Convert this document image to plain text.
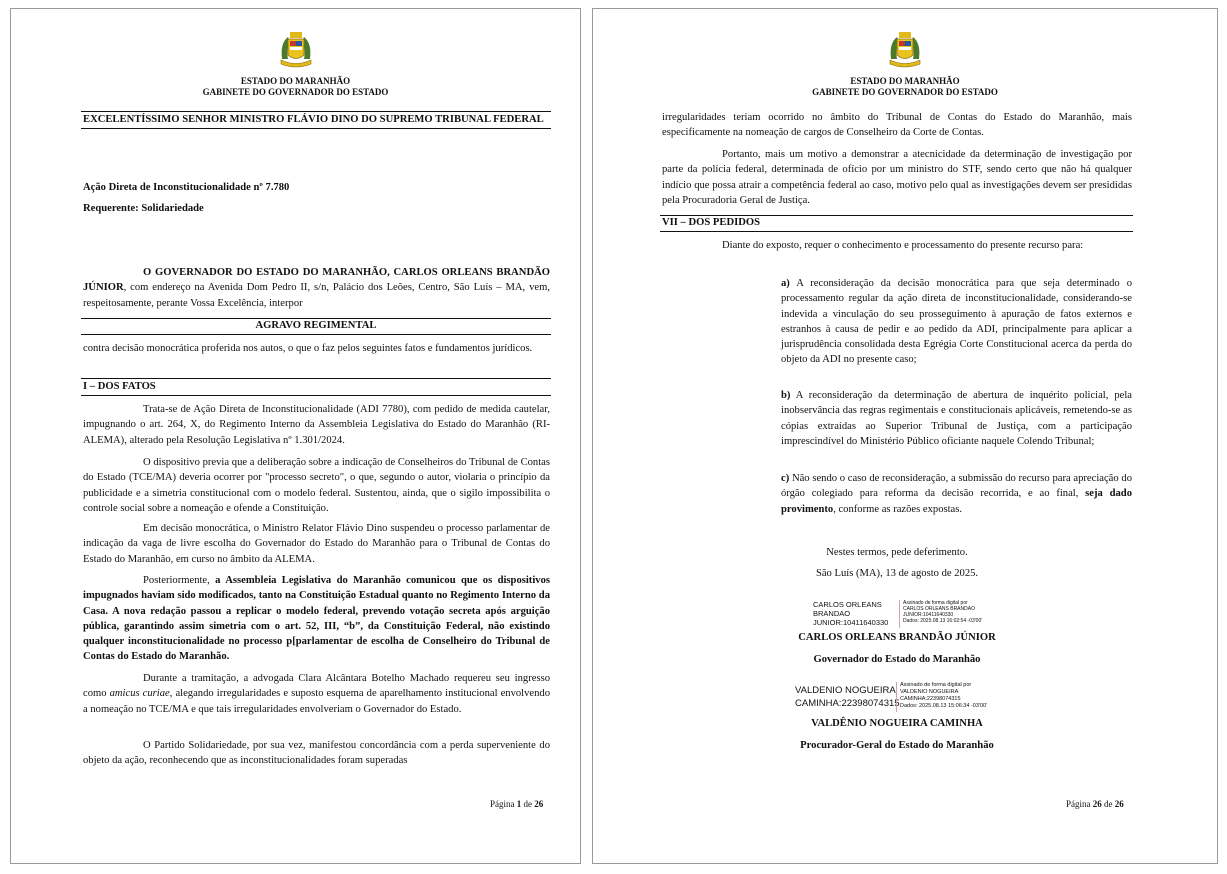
ESTADO DO MARANHÃO
GABINETE DO GOVERNADOR DO ESTADO
EXCELENTÍSSIMO SENHOR MINISTRO FLÁVIO DINO DO SUPREMO TRIBUNAL FEDERAL
Ação Direta de Inconstitucionalidade nº 7.780
Requerente: Solidariedade
O GOVERNADOR DO ESTADO DO MARANHÃO, CARLOS ORLEANS BRANDÃO JÚNIOR, com endereço na Avenida Dom Pedro II, s/n, Palácio dos Leões, Centro, São Luís – MA, vem, respeitosamente, perante Vossa Excelência, interpor
AGRAVO REGIMENTAL
contra decisão monocrática proferida nos autos, o que o faz pelos seguintes fatos e fundamentos jurídicos.
I – DOS FATOS
Trata-se de Ação Direta de Inconstitucionalidade (ADI 7780), com pedido de medida cautelar, impugnando o art. 264, X, do Regimento Interno da Assembleia Legislativa do Estado do Maranhão (RI-ALEMA), alterado pela Resolução Legislativa nº 1.301/2024.
O dispositivo previa que a deliberação sobre a indicação de Conselheiros do Tribunal de Contas do Estado (TCE/MA) deveria ocorrer por "processo secreto", o que, segundo o autor, violaria o princípio da publicidade e a simetria constitucional com o modelo federal. Sustentou, ainda, que o sigilo impossibilita o controle social sobre a nomeação e ofende a Constituição.
Em decisão monocrática, o Ministro Relator Flávio Dino suspendeu o processo parlamentar de indicação da vaga de livre escolha do Governador do Estado do Maranhão para o Tribunal de Contas do Estado do Maranhão, em curso no âmbito da ALEMA.
Posteriormente, a Assembleia Legislativa do Maranhão comunicou que os dispositivos impugnados haviam sido modificados, tanto na Constituição Estadual quanto no Regimento Interno da Casa. A nova redação passou a replicar o modelo federal, prevendo votação secreta após arguição pública, garantindo assim simetria com o art. 52, III, “b”, da Constituição Federal, não existindo qualquer inconstitucionalidade no processo p[parlamentar de escolha de Conselheiro do Tribunal de Contas do Estado do Maranhão.
Durante a tramitação, a advogada Clara Alcântara Botelho Machado requereu seu ingresso como amicus curiae, alegando irregularidades e suposto esquema de aparelhamento institucional envolvendo a nomeação no TCE/MA e que tais irregularidades envolveriam o Governador do Estado.
O Partido Solidariedade, por sua vez, manifestou concordância com a perda superveniente do objeto da ação, reconhecendo que as inconstitucionalidades foram superadas
Página 1 de 26
ESTADO DO MARANHÃO
GABINETE DO GOVERNADOR DO ESTADO
irregularidades teriam ocorrido no âmbito do Tribunal de Contas do Estado do Maranhão, mais especificamente na nomeação de cargos de Conselheiro da Corte de Contas.
Portanto, mais um motivo a demonstrar a atecnicidade da determinação de investigação por parte da polícia federal, determinada de ofício por um ministro do STF, sendo certo que não há qualquer indício que possa atrair a competência federal ao caso, motivo pelo qual as investigações devem ser presididas pela Procuradoria Geral de Justiça.
VII – DOS PEDIDOS
Diante do exposto, requer o conhecimento e processamento do presente recurso para:
a) A reconsideração da decisão monocrática para que seja determinado o processamento regular da ação direta de inconstitucionalidade, considerando-se indevida a vinculação do seu prosseguimento à apuração de fatos externos e estranhos à causa de pedir e ao pedido da ADI, principalmente para aplicar a jurisprudência consolidada desta Egrégia Corte Constitucional acerca da perda do objeto da ADI no presente caso;
b) A reconsideração da determinação de abertura de inquérito policial, pela inobservância das regras regimentais e constitucionais aplicáveis, remetendo-se as cópias extraídas ao Superior Tribunal de Justiça, com a participação imprescindível do Ministério Público oficiante naquele Colendo Tribunal;
c) Não sendo o caso de reconsideração, a submissão do recurso para apreciação do órgão colegiado para reforma da decisão recorrida, e ao final, seja dado provimento, conforme as razões expostas.
Nestes termos, pede deferimento.
São Luís (MA), 13 de agosto de 2025.
CARLOS ORLEANS
BRANDAO
JUNIOR:10411640330
Assinado de forma digital por
CARLOS ORLEANS BRANDAO
JUNIOR:10411640330
Dados: 2025.08.13 16:02:54 -03'00'
CARLOS ORLEANS BRANDÃO JÚNIOR
Governador do Estado do Maranhão
VALDENIO NOGUEIRA
CAMINHA:22398074315
Assinado de forma digital por
VALDENIO NOGUEIRA
CAMINHA:22398074315
Dados: 2025.08.13 15:06:34 -03'00'
VALDÊNIO NOGUEIRA CAMINHA
Procurador-Geral do Estado do Maranhão
Página 26 de 26
